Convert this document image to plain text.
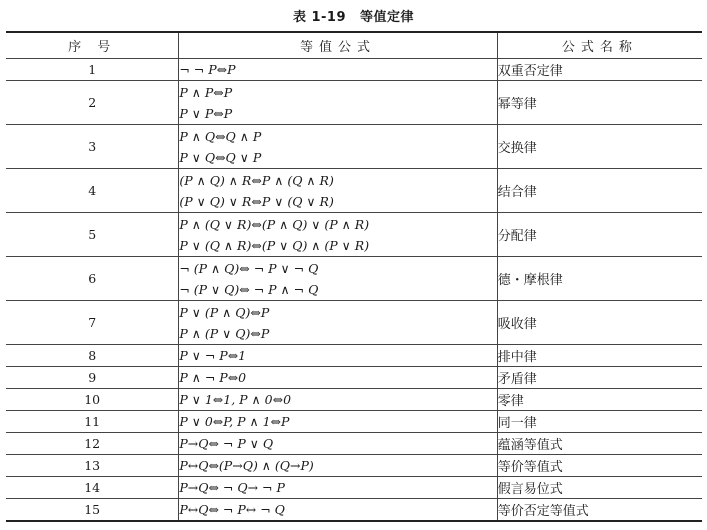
表 1-19 等值定律
序 号	等值公式	公式名称
1	¬ ¬ P⇔P	双重否定律
2	P ∧ P⇔P
P ∨ P⇔P	幂等律
3	P ∧ Q⇔Q ∧ P
P ∨ Q⇔Q ∨ P	交换律
4	(P ∧ Q) ∧ R⇔P ∧ (Q ∧ R)
(P ∨ Q) ∨ R⇔P ∨ (Q ∨ R)	结合律
5	P ∧ (Q ∨ R)⇔(P ∧ Q) ∨ (P ∧ R)
P ∨ (Q ∧ R)⇔(P ∨ Q) ∧ (P ∨ R)	分配律
6	¬ (P ∧ Q)⇔ ¬ P ∨ ¬ Q
¬ (P ∨ Q)⇔ ¬ P ∧ ¬ Q	德・摩根律
7	P ∨ (P ∧ Q)⇔P
P ∧ (P ∨ Q)⇔P	吸收律
8	P ∨ ¬ P⇔1	排中律
9	P ∧ ¬ P⇔0	矛盾律
10	P ∨ 1⇔1, P ∧ 0⇔0	零律
11	P ∨ 0⇔P, P ∧ 1⇔P	同一律
12	P→Q⇔ ¬ P ∨ Q	蕴涵等值式
13	P↔Q⇔(P→Q) ∧ (Q→P)	等价等值式
14	P→Q⇔ ¬ Q→ ¬ P	假言易位式
15	P↔Q⇔ ¬ P↔ ¬ Q	等价否定等值式
